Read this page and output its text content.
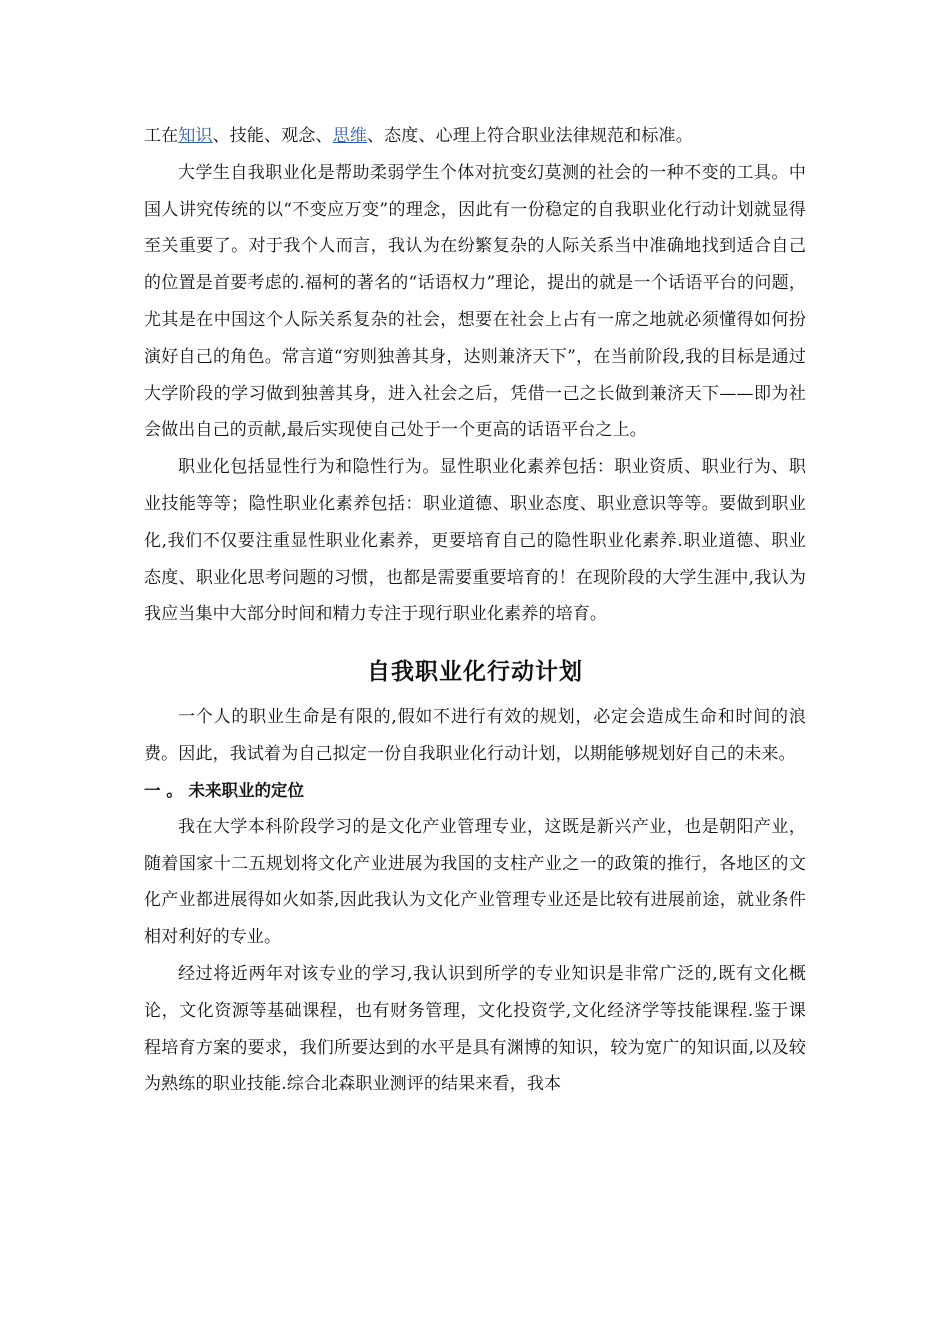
工在知识、技能、观念、思维、态度、心理上符合职业法律规范和标准。

大学生自我职业化是帮助柔弱学生个体对抗变幻莫测的社会的一种不变的工具。中国人讲究传统的以“不变应万变”的理念，因此有一份稳定的自我职业化行动计划就显得至关重要了。对于我个人而言，我认为在纷繁复杂的人际关系当中准确地找到适合自己的位置是首要考虑的.福柯的著名的“话语权力”理论，提出的就是一个话语平台的问题，尤其是在中国这个人际关系复杂的社会，想要在社会上占有一席之地就必须懂得如何扮演好自己的角色。常言道“穷则独善其身，达则兼济天下”，在当前阶段,我的目标是通过大学阶段的学习做到独善其身，进入社会之后，凭借一己之长做到兼济天下——即为社会做出自己的贡献,最后实现使自己处于一个更高的话语平台之上。

职业化包括显性行为和隐性行为。显性职业化素养包括：职业资质、职业行为、职业技能等等；隐性职业化素养包括：职业道德、职业态度、职业意识等等。要做到职业化,我们不仅要注重显性职业化素养，更要培育自己的隐性职业化素养.职业道德、职业态度、职业化思考问题的习惯，也都是需要重要培育的！在现阶段的大学生涯中,我认为我应当集中大部分时间和精力专注于现行职业化素养的培育。

自我职业化行动计划

一个人的职业生命是有限的,假如不进行有效的规划，必定会造成生命和时间的浪费。因此，我试着为自己拟定一份自我职业化行动计划，以期能够规划好自己的未来。

一 。 未来职业的定位

我在大学本科阶段学习的是文化产业管理专业，这既是新兴产业，也是朝阳产业，随着国家十二五规划将文化产业进展为我国的支柱产业之一的政策的推行，各地区的文化产业都进展得如火如荼,因此我认为文化产业管理专业还是比较有进展前途，就业条件相对利好的专业。

经过将近两年对该专业的学习,我认识到所学的专业知识是非常广泛的,既有文化概论，文化资源等基础课程，也有财务管理，文化投资学,文化经济学等技能课程.鉴于课程培育方案的要求，我们所要达到的水平是具有渊博的知识，较为宽广的知识面,以及较为熟练的职业技能.综合北森职业测评的结果来看，我本
